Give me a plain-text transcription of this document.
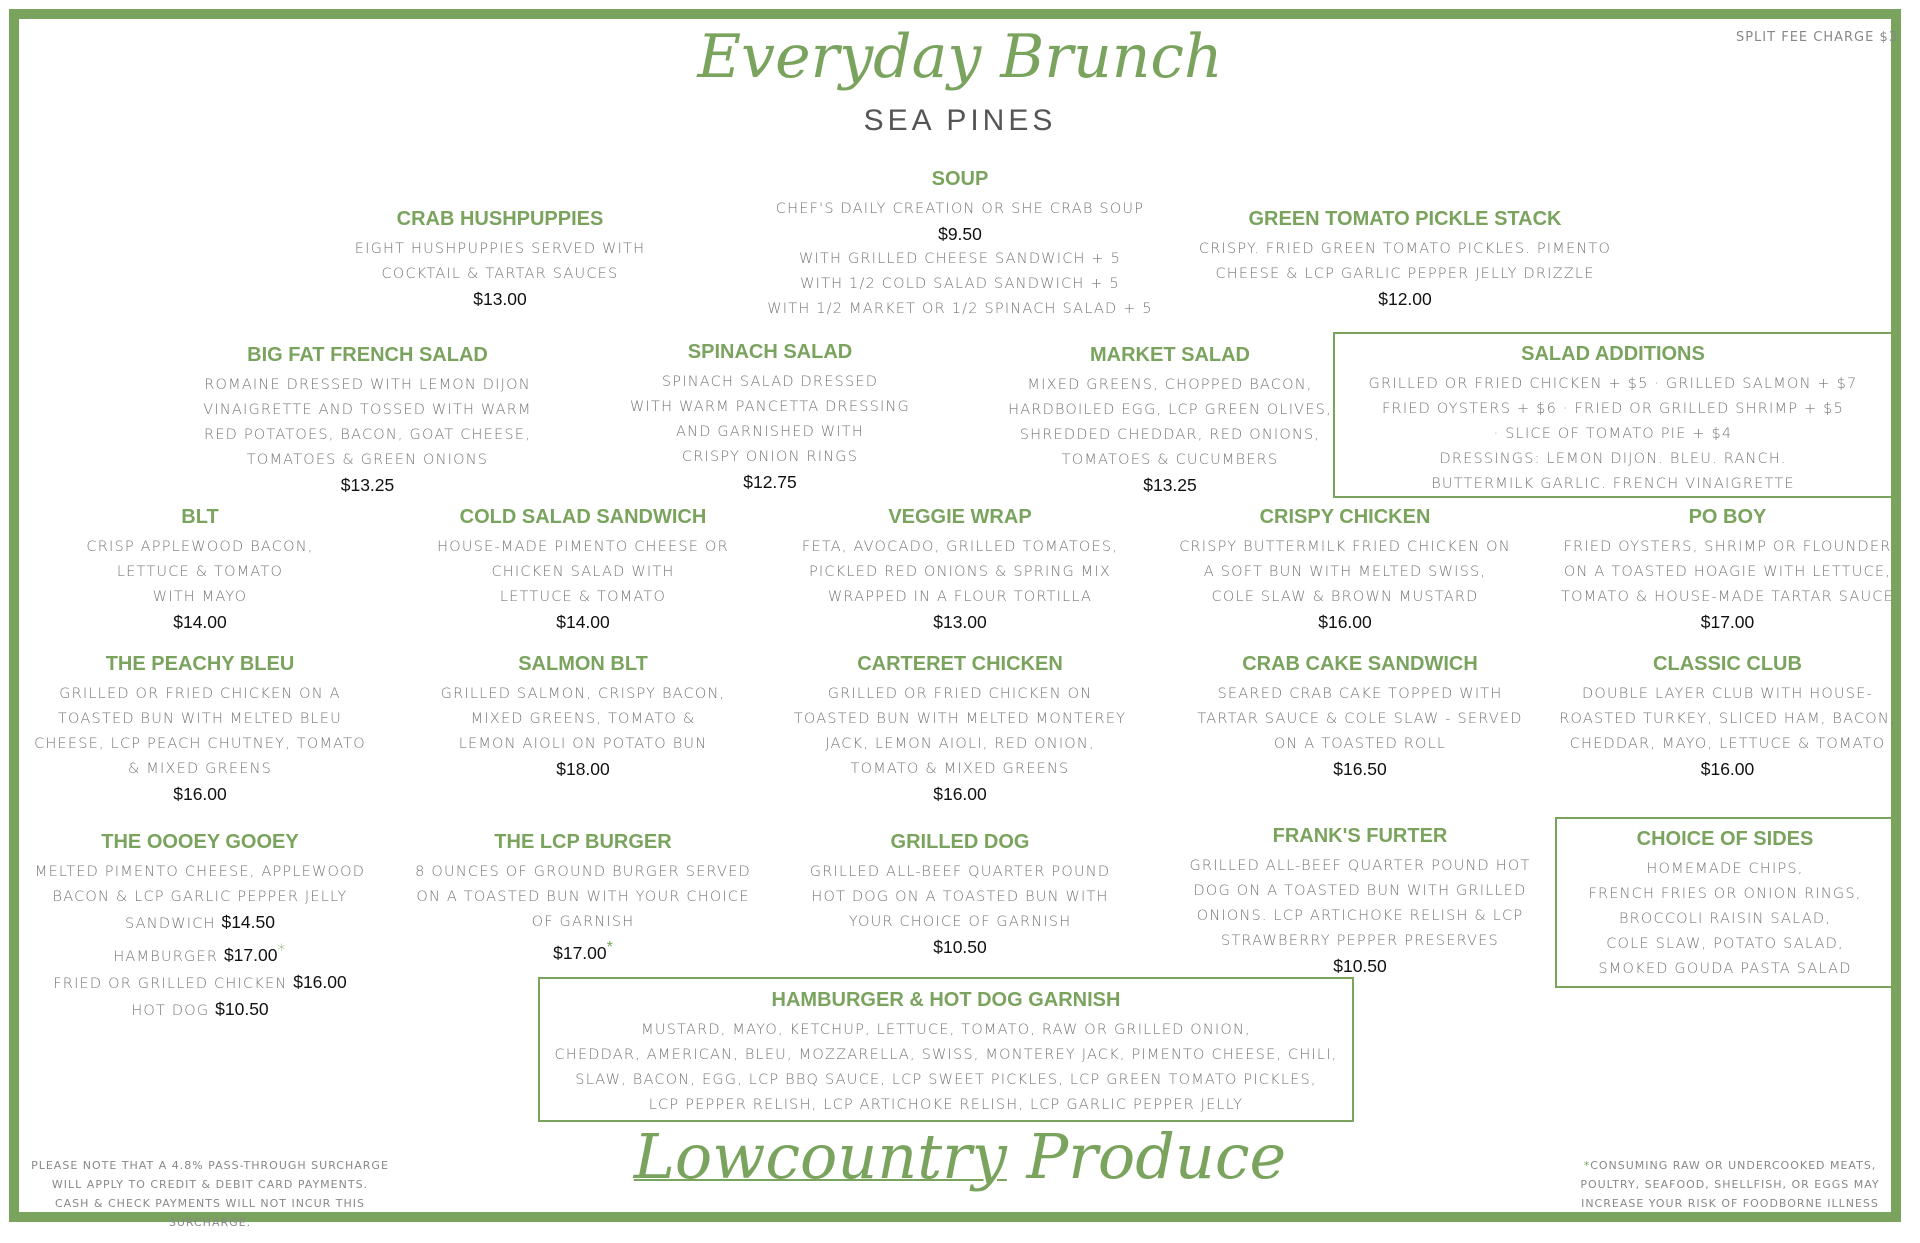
Everyday Brunch
SEA PINES
SPLIT FEE CHARGE $3
CRAB HUSHPUPPIES

EIGHT HUSHPUPPIES SERVED WITH
COCKTAIL & TARTAR SAUCES

$13.00
SOUP

CHEF'S DAILY CREATION OR SHE CRAB SOUP

$9.50

WITH GRILLED CHEESE SANDWICH + 5
WITH 1/2 COLD SALAD SANDWICH + 5
WITH 1/2 MARKET OR 1/2 SPINACH SALAD + 5

GREEN TOMATO PICKLE STACK

CRISPY. FRIED GREEN TOMATO PICKLES. PIMENTO
CHEESE & LCP GARLIC PEPPER JELLY DRIZZLE

$12.00
BIG FAT FRENCH SALAD

ROMAINE DRESSED WITH LEMON DIJON
VINAIGRETTE AND TOSSED WITH WARM
RED POTATOES, BACON, GOAT CHEESE,
TOMATOES & GREEN ONIONS

$13.25
SPINACH SALAD

SPINACH SALAD DRESSED
WITH WARM PANCETTA DRESSING
AND GARNISHED WITH
CRISPY ONION RINGS

$12.75
MARKET SALAD

MIXED GREENS, CHOPPED BACON,
HARDBOILED EGG, LCP GREEN OLIVES,
SHREDDED CHEDDAR, RED ONIONS,
TOMATOES & CUCUMBERS

$13.25
SALAD ADDITIONS

GRILLED OR FRIED CHICKEN + $5 · GRILLED SALMON + $7
FRIED OYSTERS + $6 · FRIED OR GRILLED SHRIMP + $5
· SLICE OF TOMATO PIE + $4
DRESSINGS: LEMON DIJON. BLEU. RANCH.
BUTTERMILK GARLIC. FRENCH VINAIGRETTE

BLT

CRISP APPLEWOOD BACON,
LETTUCE & TOMATO
WITH MAYO

$14.00
COLD SALAD SANDWICH

HOUSE-MADE PIMENTO CHEESE OR
CHICKEN SALAD WITH
LETTUCE & TOMATO

$14.00
VEGGIE WRAP

FETA, AVOCADO, GRILLED TOMATOES,
PICKLED RED ONIONS & SPRING MIX
WRAPPED IN A FLOUR TORTILLA

$13.00
CRISPY CHICKEN

CRISPY BUTTERMILK FRIED CHICKEN ON
A SOFT BUN WITH MELTED SWISS,
COLE SLAW & BROWN MUSTARD

$16.00
PO BOY

FRIED OYSTERS, SHRIMP OR FLOUNDER
ON A TOASTED HOAGIE WITH LETTUCE,
TOMATO & HOUSE-MADE TARTAR SAUCE

$17.00
THE PEACHY BLEU

GRILLED OR FRIED CHICKEN ON A
TOASTED BUN WITH MELTED BLEU
CHEESE, LCP PEACH CHUTNEY, TOMATO
& MIXED GREENS

$16.00
SALMON BLT

GRILLED SALMON, CRISPY BACON,
MIXED GREENS, TOMATO &
LEMON AIOLI ON POTATO BUN

$18.00
CARTERET CHICKEN

GRILLED OR FRIED CHICKEN ON
TOASTED BUN WITH MELTED MONTEREY
JACK, LEMON AIOLI, RED ONION,
TOMATO & MIXED GREENS

$16.00
CRAB CAKE SANDWICH

SEARED CRAB CAKE TOPPED WITH
TARTAR SAUCE & COLE SLAW - SERVED
ON A TOASTED ROLL

$16.50
CLASSIC CLUB

DOUBLE LAYER CLUB WITH HOUSE-
ROASTED TURKEY, SLICED HAM, BACON,
CHEDDAR, MAYO, LETTUCE & TOMATO

$16.00
THE OOOEY GOOEY

MELTED PIMENTO CHEESE, APPLEWOOD
BACON & LCP GARLIC PEPPER JELLY
SANDWICH $14.50
HAMBURGER $17.00*
FRIED OR GRILLED CHICKEN $16.00
HOT DOG $10.50

THE LCP BURGER

8 OUNCES OF GROUND BURGER SERVED
ON A TOASTED BUN WITH YOUR CHOICE
OF GARNISH

$17.00*
GRILLED DOG

GRILLED ALL-BEEF QUARTER POUND
HOT DOG ON A TOASTED BUN WITH
YOUR CHOICE OF GARNISH

$10.50
FRANK'S FURTER

GRILLED ALL-BEEF QUARTER POUND HOT
DOG ON A TOASTED BUN WITH GRILLED
ONIONS. LCP ARTICHOKE RELISH & LCP
STRAWBERRY PEPPER PRESERVES

$10.50
CHOICE OF SIDES

HOMEMADE CHIPS,
FRENCH FRIES OR ONION RINGS,
BROCCOLI RAISIN SALAD,
COLE SLAW, POTATO SALAD,
SMOKED GOUDA PASTA SALAD

HAMBURGER & HOT DOG GARNISH

MUSTARD, MAYO, KETCHUP, LETTUCE, TOMATO, RAW OR GRILLED ONION,
CHEDDAR, AMERICAN, BLEU, MOZZARELLA, SWISS, MONTEREY JACK, PIMENTO CHEESE, CHILI,
SLAW, BACON, EGG, LCP BBQ SAUCE, LCP SWEET PICKLES, LCP GREEN TOMATO PICKLES,
LCP PEPPER RELISH, LCP ARTICHOKE RELISH, LCP GARLIC PEPPER JELLY

PLEASE NOTE THAT A 4.8% PASS-THROUGH SURCHARGE
WILL APPLY TO CREDIT & DEBIT CARD PAYMENTS.
CASH & CHECK PAYMENTS WILL NOT INCUR THIS SURCHARGE.
Lowcountry Produce	*CONSUMING RAW OR UNDERCOOKED MEATS,
POULTRY, SEAFOOD, SHELLFISH, OR EGGS MAY
INCREASE YOUR RISK OF FOODBORNE ILLNESS
